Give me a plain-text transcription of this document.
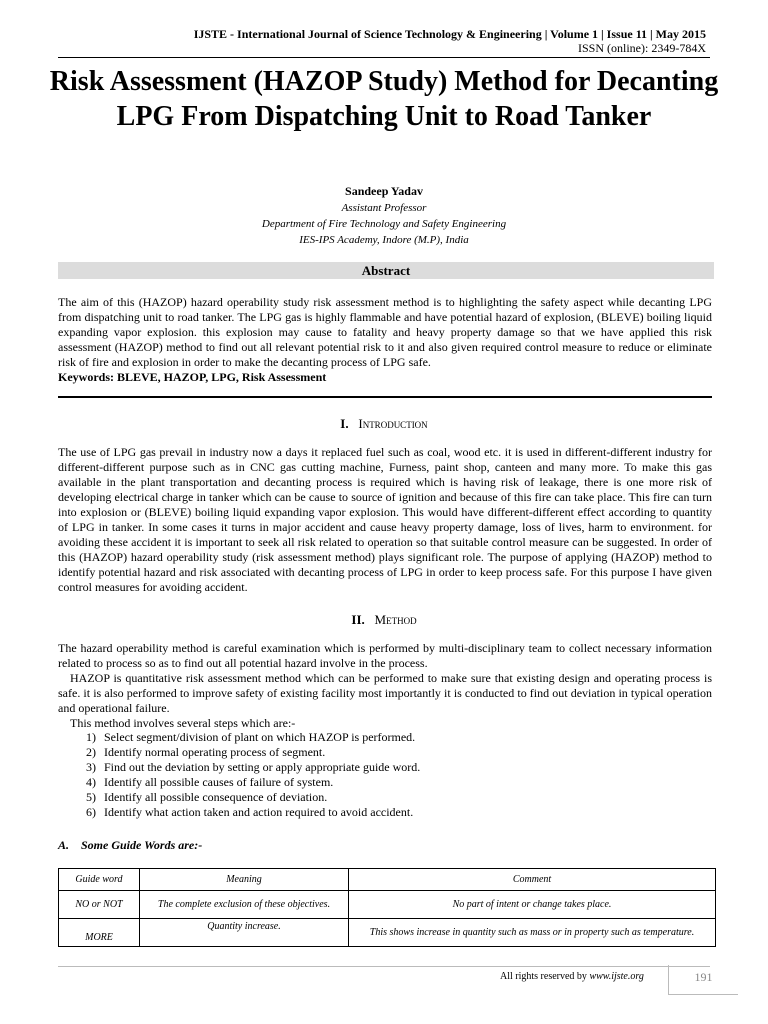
IJSTE - International Journal of Science Technology & Engineering | Volume 1 | Issue 11 | May 2015
ISSN (online): 2349-784X
Risk Assessment (HAZOP Study) Method for Decanting LPG From Dispatching Unit to Road Tanker
Sandeep Yadav
Assistant Professor
Department of Fire Technology and Safety Engineering
IES-IPS Academy, Indore (M.P), India
Abstract
The aim of this (HAZOP) hazard operability study risk assessment method is to highlighting the safety aspect while decanting LPG from dispatching unit to road tanker. The LPG gas is highly flammable and have potential hazard of explosion, (BLEVE) boiling liquid expanding vapor explosion. this explosion may cause to fatality and heavy property damage so that we have applied this risk assessment (HAZOP) method to find out all relevant potential risk to it and also given required control measure to reduce or eliminate risk of fire and explosion in order to make the decanting process of LPG safe.
Keywords: BLEVE, HAZOP, LPG, Risk Assessment
I. Introduction
The use of LPG gas prevail in industry now a days it replaced fuel such as coal, wood etc. it is used in different-different industry for different-different purpose such as in CNC gas cutting machine, Furness, paint shop, canteen and many more. To make this gas available in the plant transportation and decanting process is required which is having risk of leakage, there is one more risk of developing electrical charge in tanker which can be cause to source of ignition and because of this fire can take place. This fire can turn into explosion or (BLEVE) boiling liquid expanding vapor explosion. This would have different-different effect according to quantity of LPG in tanker. In some cases it turns in major accident and cause heavy property damage, loss of lives, harm to environment. for avoiding these accident it is important to seek all risk related to operation so that suitable control measure can be suggested. In order of this (HAZOP) hazard operability study (risk assessment method) plays significant role. The purpose of applying (HAZOP) method to identify potential hazard and risk associated with decanting process of LPG in order to keep process safe. For this purpose I have given control measures for avoiding accident.
II. Method
The hazard operability method is careful examination which is performed by multi-disciplinary team to collect necessary information related to process so as to find out all potential hazard involve in the process.
HAZOP is quantitative risk assessment method which can be performed to make sure that existing design and operating process is safe. it is also performed to improve safety of existing facility most importantly it is conducted to find out deviation in typical operation and operational failure.
This method involves several steps which are:-
1) Select segment/division of plant on which HAZOP is performed.
2) Identify normal operating process of segment.
3) Find out the deviation by setting or apply appropriate guide word.
4) Identify all possible causes of failure of system.
5) Identify all possible consequence of deviation.
6) Identify what action taken and action required to avoid accident.
A.    Some Guide Words are:-
Guide word	Meaning	Comment
NO or NOT	The complete exclusion of these objectives.	No part of intent or change takes place.
MORE	Quantity increase.	This shows increase in quantity such as mass or in property such as temperature.
All rights reserved by www.ijste.org	191
